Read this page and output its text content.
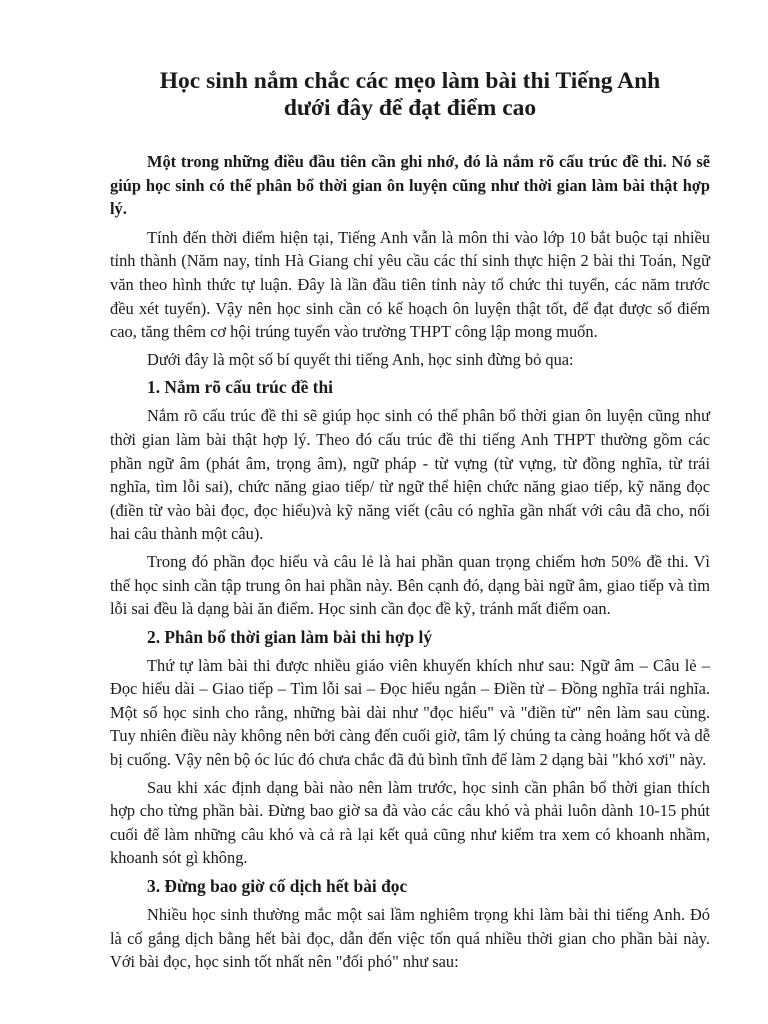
Học sinh nắm chắc các mẹo làm bài thi Tiếng Anh
dưới đây để đạt điểm cao

Một trong những điều đầu tiên cần ghi nhớ, đó là nắm rõ cấu trúc đề thi. Nó sẽ giúp học sinh có thể phân bổ thời gian ôn luyện cũng như thời gian làm bài thật hợp lý.

Tính đến thời điểm hiện tại, Tiếng Anh vẫn là môn thi vào lớp 10 bắt buộc tại nhiều tỉnh thành (Năm nay, tỉnh Hà Giang chỉ yêu cầu các thí sinh thực hiện 2 bài thi Toán, Ngữ văn theo hình thức tự luận. Đây là lần đầu tiên tỉnh này tổ chức thi tuyển, các năm trước đều xét tuyển). Vậy nên học sinh cần có kế hoạch ôn luyện thật tốt, để đạt được số điểm cao, tăng thêm cơ hội trúng tuyển vào trường THPT công lập mong muốn.

Dưới đây là một số bí quyết thi tiếng Anh, học sinh đừng bỏ qua:

1. Nắm rõ cấu trúc đề thi

Nắm rõ cấu trúc đề thi sẽ giúp học sinh có thể phân bổ thời gian ôn luyện cũng như thời gian làm bài thật hợp lý. Theo đó cấu trúc đề thi tiếng Anh THPT thường gồm các phần ngữ âm (phát âm, trọng âm), ngữ pháp - từ vựng (từ vựng, từ đồng nghĩa, từ trái nghĩa, tìm lỗi sai), chức năng giao tiếp/ từ ngữ thể hiện chức năng giao tiếp, kỹ năng đọc (điền từ vào bài đọc, đọc hiểu)và kỹ năng viết (câu có nghĩa gần nhất với câu đã cho, nối hai câu thành một câu).

Trong đó phần đọc hiểu và câu lẻ là hai phần quan trọng chiếm hơn 50% đề thi. Vì thế học sinh cần tập trung ôn hai phần này. Bên cạnh đó, dạng bài ngữ âm, giao tiếp và tìm lỗi sai đều là dạng bài ăn điểm. Học sinh cần đọc đề kỹ, tránh mất điểm oan.

2. Phân bổ thời gian làm bài thi hợp lý

Thứ tự làm bài thi được nhiều giáo viên khuyến khích như sau: Ngữ âm – Câu lẻ – Đọc hiểu dài – Giao tiếp – Tìm lỗi sai – Đọc hiểu ngắn – Điền từ – Đồng nghĩa trái nghĩa. Một số học sinh cho rằng, những bài dài như "đọc hiểu" và "điền từ" nên làm sau cùng. Tuy nhiên điều này không nên bởi càng đến cuối giờ, tâm lý chúng ta càng hoảng hốt và dễ bị cuống. Vậy nên bộ óc lúc đó chưa chắc đã đủ bình tĩnh để làm 2 dạng bài "khó xơi" này.

Sau khi xác định dạng bài nào nên làm trước, học sinh cần phân bổ thời gian thích hợp cho từng phần bài. Đừng bao giờ sa đà vào các câu khó và phải luôn dành 10-15 phút cuối để làm những câu khó và cả rà lại kết quả cũng như kiểm tra xem có khoanh nhầm, khoanh sót gì không.

3. Đừng bao giờ cố dịch hết bài đọc

Nhiều học sinh thường mắc một sai lầm nghiêm trọng khi làm bài thi tiếng Anh. Đó là cố gắng dịch bằng hết bài đọc, dẫn đến việc tốn quá nhiều thời gian cho phần bài này. Với bài đọc, học sinh tốt nhất nên "đối phó" như sau:
